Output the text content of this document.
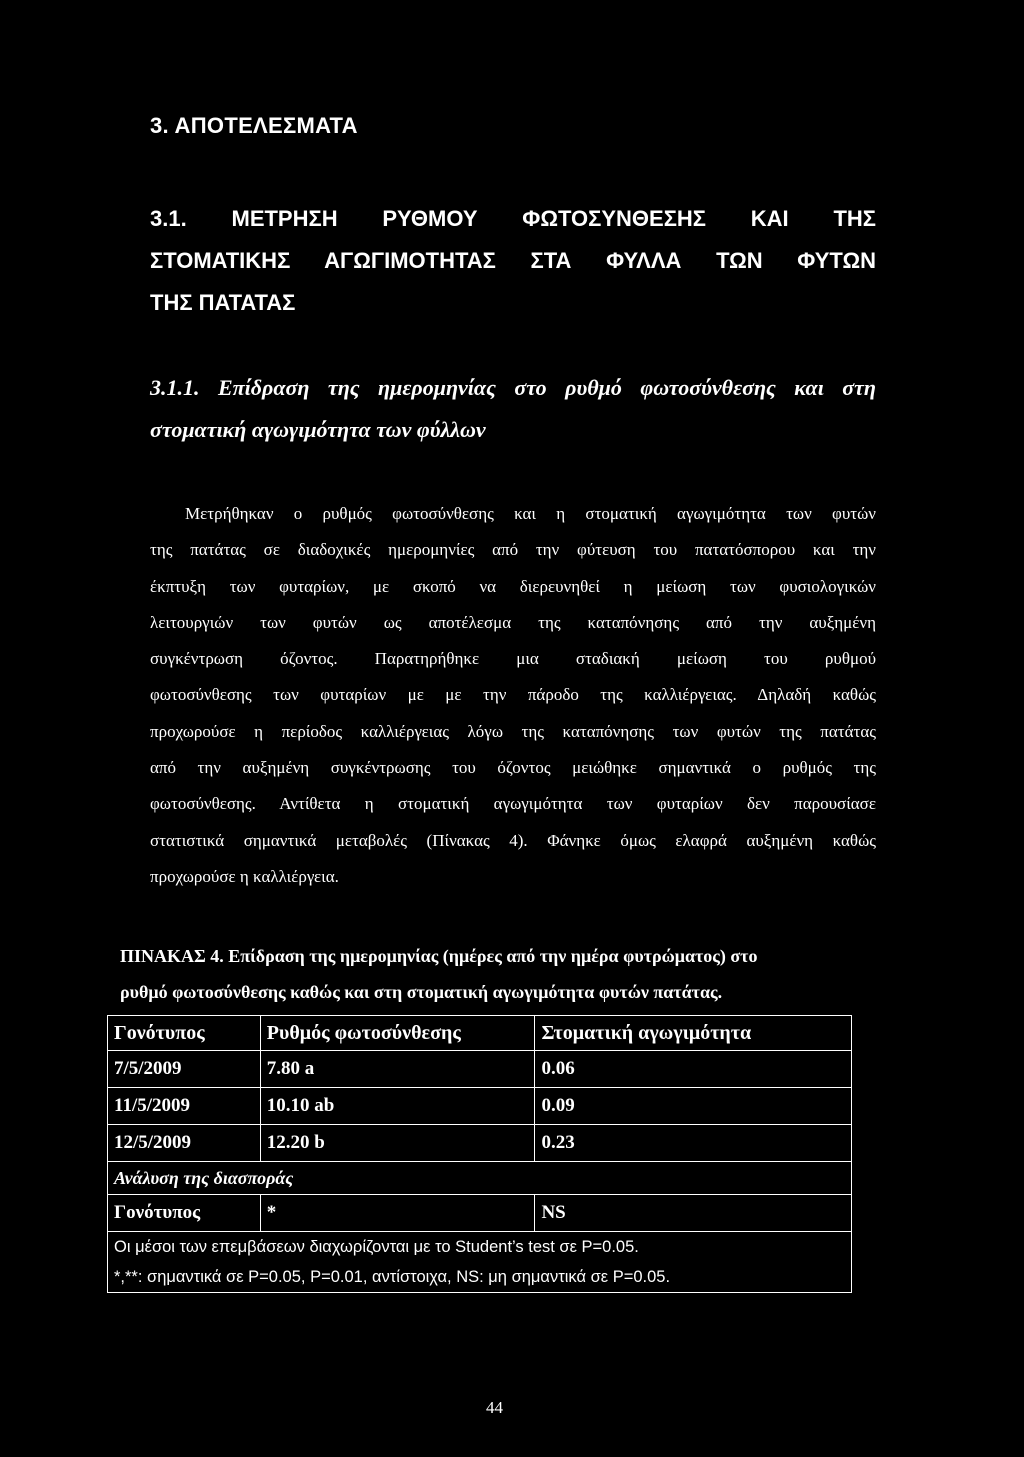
3. ΑΠΟΤΕΛΕΣΜΑΤΑ
3.1. ΜΕΤΡΗΣΗ ΡΥΘΜΟΥ ΦΩΤΟΣΥΝΘΕΣΗΣ ΚΑΙ ΤΗΣ
ΣΤΟΜΑΤΙΚΗΣ ΑΓΩΓΙΜΟΤΗΤΑΣ ΣΤΑ ΦΥΛΛΑ ΤΩΝ ΦΥΤΩΝ
ΤΗΣ ΠΑΤΑΤΑΣ
3.1.1. Επίδραση της ημερομηνίας στο ρυθμό φωτοσύνθεσης και στη
στοματική αγωγιμότητα των φύλλων
Μετρήθηκαν ο ρυθμός φωτοσύνθεσης και η στοματική αγωγιμότητα των φυτών
της πατάτας σε διαδοχικές ημερομηνίες από την φύτευση του πατατόσπορου και την
έκπτυξη των φυταρίων, με σκοπό να διερευνηθεί η μείωση των φυσιολογικών
λειτουργιών των φυτών ως αποτέλεσμα της καταπόνησης από την αυξημένη
συγκέντρωση όζοντος. Παρατηρήθηκε μια σταδιακή μείωση του ρυθμού
φωτοσύνθεσης των φυταρίων με με την πάροδο της καλλιέργειας. Δηλαδή καθώς
προχωρούσε η περίοδος καλλιέργειας λόγω της καταπόνησης των φυτών της πατάτας
από την αυξημένη συγκέντρωσης του όζοντος μειώθηκε σημαντικά ο ρυθμός της
φωτοσύνθεσης. Αντίθετα η στοματική αγωγιμότητα των φυταρίων δεν παρουσίασε
στατιστικά σημαντικά μεταβολές (Πίνακας 4). Φάνηκε όμως ελαφρά αυξημένη καθώς
προχωρούσε η καλλιέργεια.
ΠΙΝΑΚΑΣ 4. Επίδραση της ημερομηνίας (ημέρες από την ημέρα φυτρώματος) στο
ρυθμό φωτοσύνθεσης καθώς και στη στοματική αγωγιμότητα φυτών πατάτας.
Γονότυπος	Ρυθμός φωτοσύνθεσης	Στοματική αγωγιμότητα
7/5/2009	7.80 a	0.06
11/5/2009	10.10 ab	0.09
12/5/2009	12.20 b	0.23
Ανάλυση της διασποράς		
Γονότυπος	*	NS
Οι μέσοι των επεμβάσεων διαχωρίζονται με το Student’s test σε P=0.05.		
*,**: σημαντικά σε P=0.05, P=0.01, αντίστοιχα, NS: μη σημαντικά σε P=0.05.		
44
